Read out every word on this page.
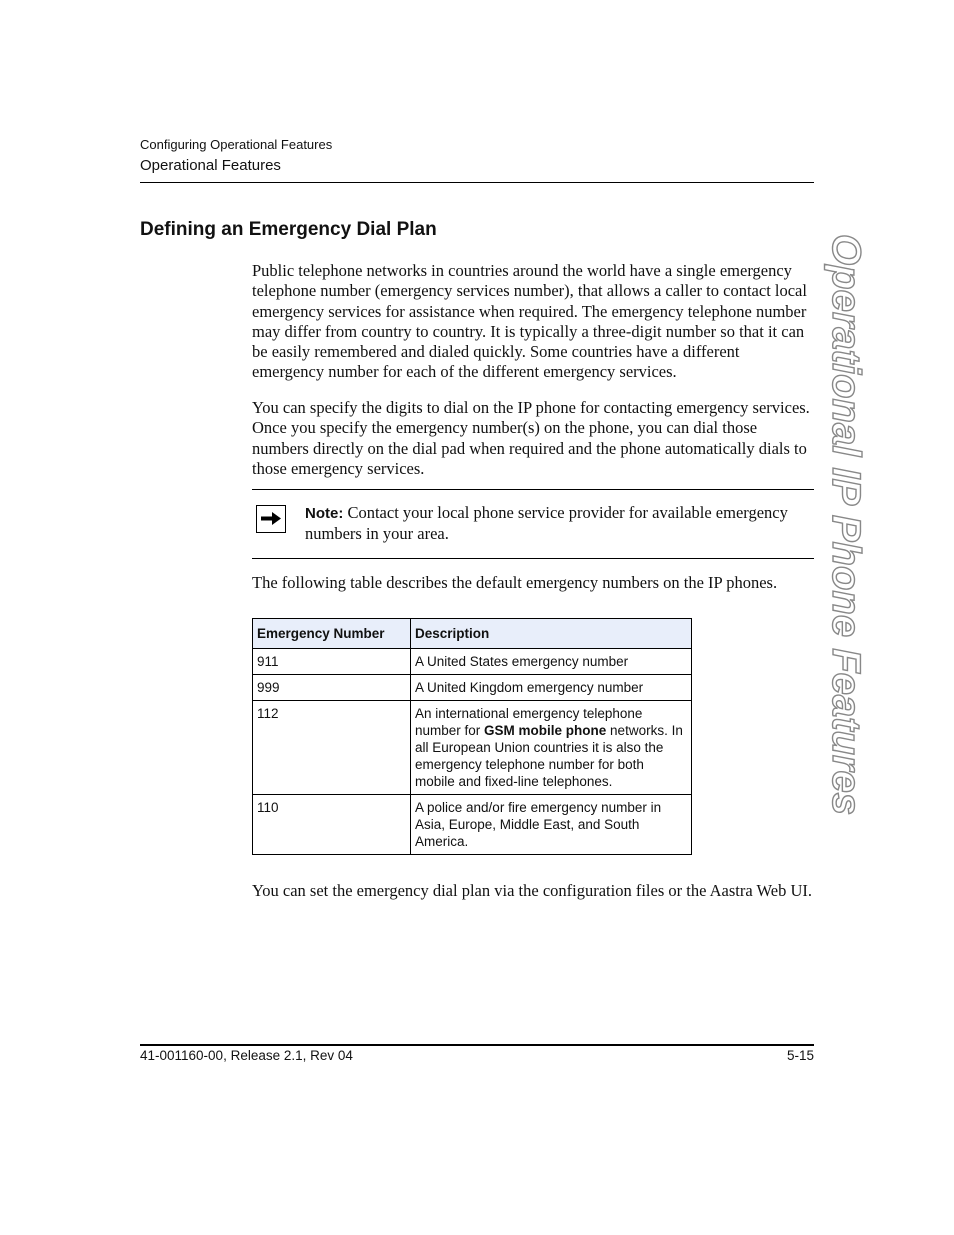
Configuring Operational Features
Operational Features
Defining an Emergency Dial Plan

Public telephone networks in countries around the world have a single emergency telephone number (emergency services number), that allows a caller to contact local emergency services for assistance when required. The emergency telephone number may differ from country to country. It is typically a three-digit number so that it can be easily remembered and dialed quickly. Some countries have a different emergency number for each of the different emergency services.

You can specify the digits to dial on the IP phone for contacting emergency services. Once you specify the emergency number(s) on the phone, you can dial those numbers directly on the dial pad when required and the phone automatically dials to those emergency services.

Note: Contact your local phone service provider for available emergency numbers in your area.

The following table describes the default emergency numbers on the IP phones.

Emergency Number	Description
911	A United States emergency number
999	A United Kingdom emergency number
112	An international emergency telephone number for GSM mobile phone networks. In all European Union countries it is also the emergency telephone number for both mobile and fixed-line telephones.
110	A police and/or fire emergency number in Asia, Europe, Middle East, and South America.

You can set the emergency dial plan via the configuration files or the Aastra Web UI.

Operational IP Phone Features
41-001160-00, Release 2.1, Rev 04	5-15
